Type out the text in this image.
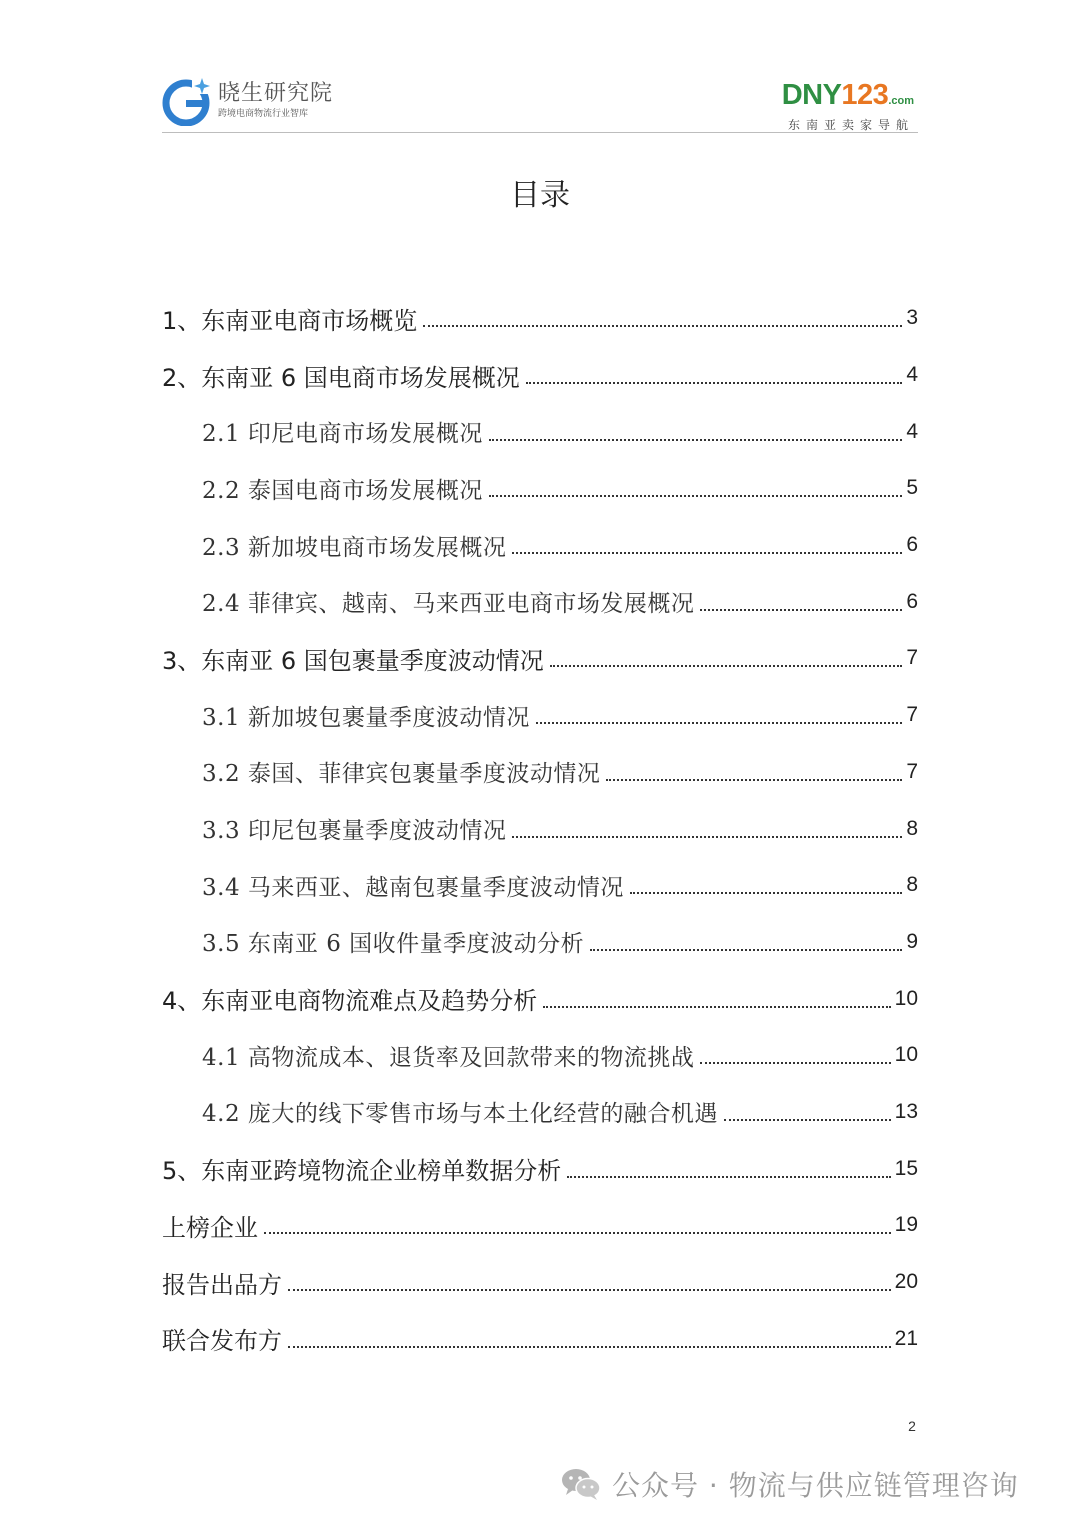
晓生研究院
跨境电商物流行业智库
DNY123.com
东南亚卖家导航
目录
1、东南亚电商市场概览	3
2、东南亚 6 国电商市场发展概况	4
2.1 印尼电商市场发展概况	4
2.2 泰国电商市场发展概况	5
2.3 新加坡电商市场发展概况	6
2.4 菲律宾、越南、马来西亚电商市场发展概况	6
3、东南亚 6 国包裹量季度波动情况	7
3.1 新加坡包裹量季度波动情况	7
3.2 泰国、菲律宾包裹量季度波动情况	7
3.3 印尼包裹量季度波动情况	8
3.4 马来西亚、越南包裹量季度波动情况	8
3.5 东南亚 6 国收件量季度波动分析	9
4、东南亚电商物流难点及趋势分析	10
4.1 高物流成本、退货率及回款带来的物流挑战	10
4.2 庞大的线下零售市场与本土化经营的融合机遇	13
5、东南亚跨境物流企业榜单数据分析	15
上榜企业	19
报告出品方	20
联合发布方	21
2
公众号 · 物流与供应链管理咨询
